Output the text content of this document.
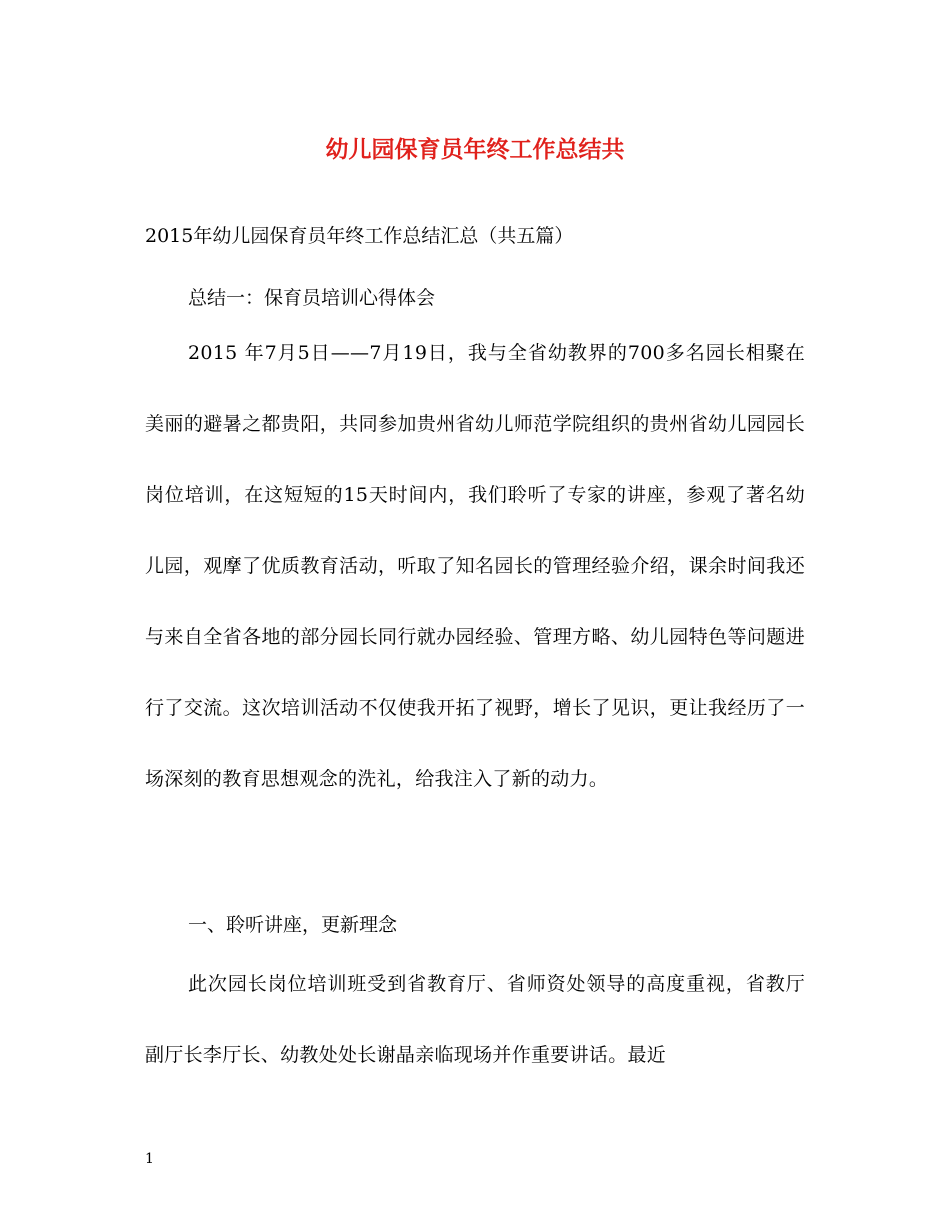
幼儿园保育员年终工作总结共
2015年幼儿园保育员年终工作总结汇总（共五篇）
总结一：保育员培训心得体会

2015 年7月5日——7月19日，我与全省幼教界的700多名园长相聚在美丽的避暑之都贵阳，共同参加贵州省幼儿师范学院组织的贵州省幼儿园园长岗位培训，在这短短的15天时间内，我们聆听了专家的讲座，参观了著名幼儿园，观摩了优质教育活动，听取了知名园长的管理经验介绍，课余时间我还与来自全省各地的部分园长同行就办园经验、管理方略、幼儿园特色等问题进行了交流。这次培训活动不仅使我开拓了视野，增长了见识，更让我经历了一场深刻的教育思想观念的洗礼，给我注入了新的动力。

一、聆听讲座，更新理念

此次园长岗位培训班受到省教育厅、省师资处领导的高度重视，省教厅副厅长李厅长、幼教处处长谢晶亲临现场并作重要讲话。最近

1
